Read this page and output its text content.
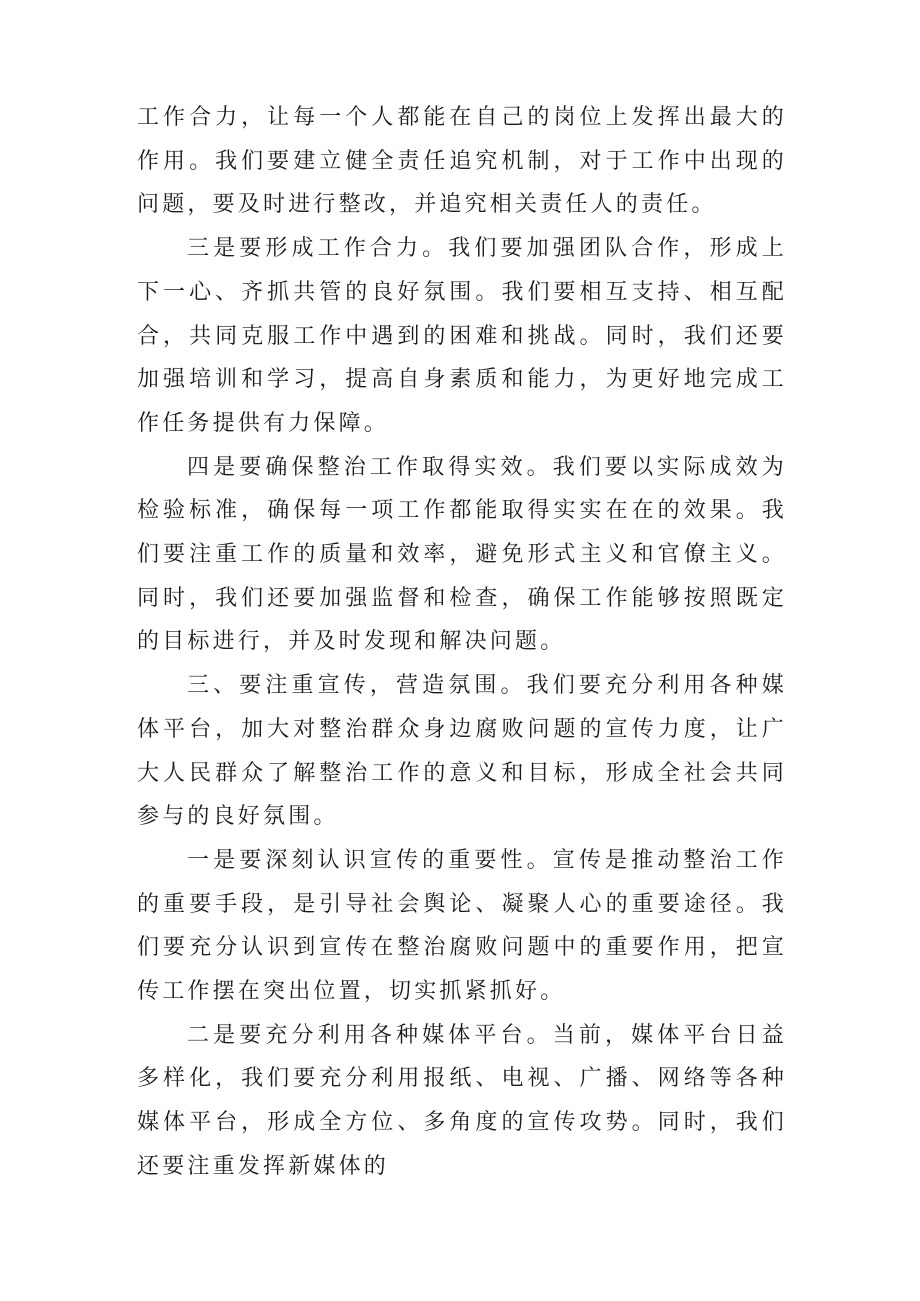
工作合力，让每一个人都能在自己的岗位上发挥出最大的作用。我们要建立健全责任追究机制，对于工作中出现的问题，要及时进行整改，并追究相关责任人的责任。

三是要形成工作合力。我们要加强团队合作，形成上下一心、齐抓共管的良好氛围。我们要相互支持、相互配合，共同克服工作中遇到的困难和挑战。同时，我们还要加强培训和学习，提高自身素质和能力，为更好地完成工作任务提供有力保障。

四是要确保整治工作取得实效。我们要以实际成效为检验标准，确保每一项工作都能取得实实在在的效果。我们要注重工作的质量和效率，避免形式主义和官僚主义。同时，我们还要加强监督和检查，确保工作能够按照既定的目标进行，并及时发现和解决问题。

三、要注重宣传，营造氛围。我们要充分利用各种媒体平台，加大对整治群众身边腐败问题的宣传力度，让广大人民群众了解整治工作的意义和目标，形成全社会共同参与的良好氛围。

一是要深刻认识宣传的重要性。宣传是推动整治工作的重要手段，是引导社会舆论、凝聚人心的重要途径。我们要充分认识到宣传在整治腐败问题中的重要作用，把宣传工作摆在突出位置，切实抓紧抓好。

二是要充分利用各种媒体平台。当前，媒体平台日益多样化，我们要充分利用报纸、电视、广播、网络等各种媒体平台，形成全方位、多角度的宣传攻势。同时，我们还要注重发挥新媒体的
